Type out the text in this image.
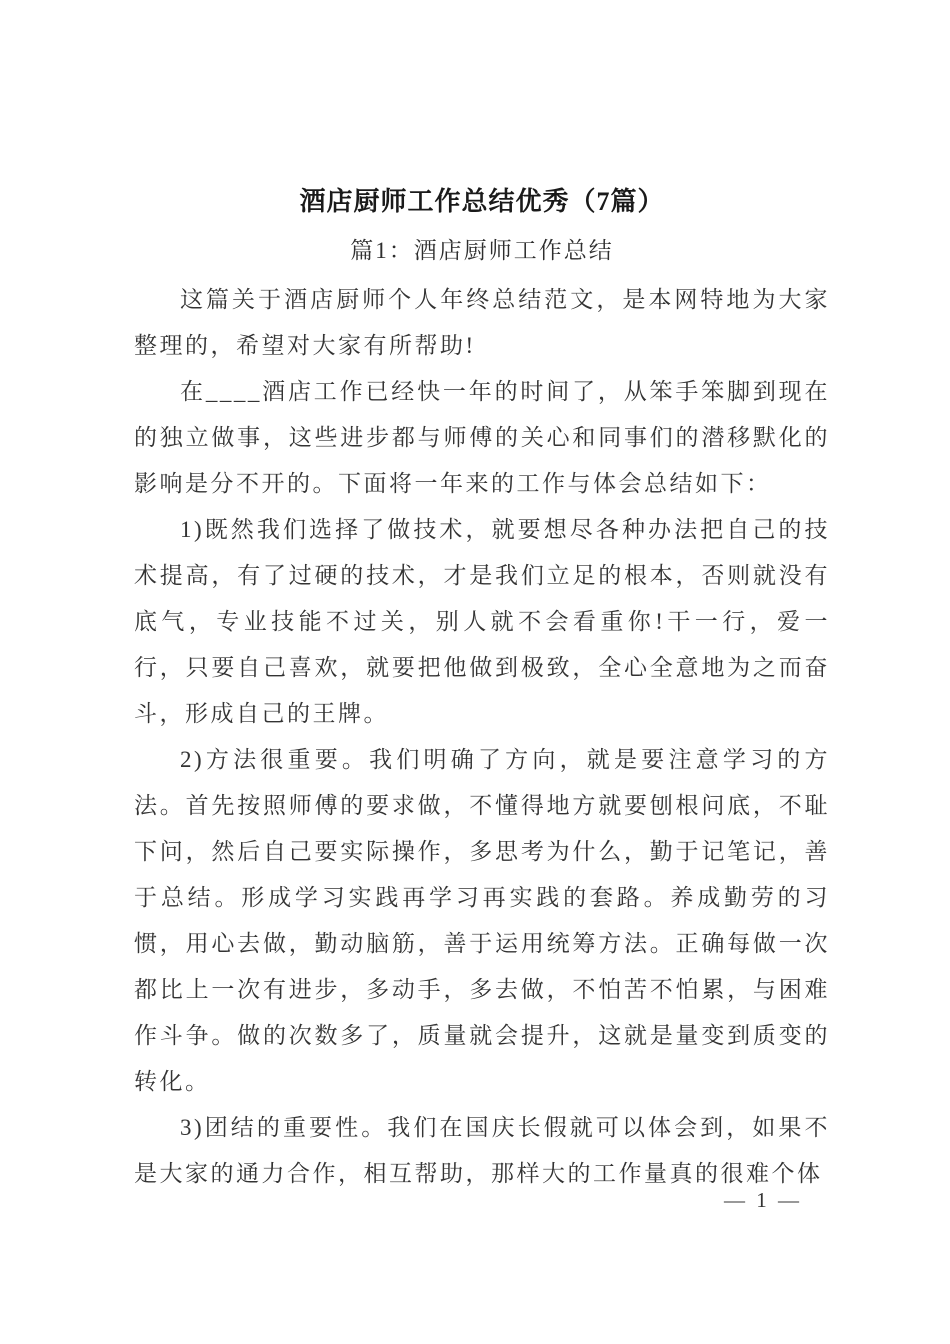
酒店厨师工作总结优秀（7篇）
篇1：酒店厨师工作总结

这篇关于酒店厨师个人年终总结范文，是本网特地为大家整理的，希望对大家有所帮助!

在____酒店工作已经快一年的时间了，从笨手笨脚到现在的独立做事，这些进步都与师傅的关心和同事们的潜移默化的影响是分不开的。下面将一年来的工作与体会总结如下：

1)既然我们选择了做技术，就要想尽各种办法把自己的技术提高，有了过硬的技术，才是我们立足的根本，否则就没有底气，专业技能不过关，别人就不会看重你!干一行，爱一行，只要自己喜欢，就要把他做到极致，全心全意地为之而奋斗，形成自己的王牌。

2)方法很重要。我们明确了方向，就是要注意学习的方法。首先按照师傅的要求做，不懂得地方就要刨根问底，不耻下问，然后自己要实际操作，多思考为什么，勤于记笔记，善于总结。形成学习实践再学习再实践的套路。养成勤劳的习惯，用心去做，勤动脑筋，善于运用统筹方法。正确每做一次都比上一次有进步，多动手，多去做，不怕苦不怕累，与困难作斗争。做的次数多了，质量就会提升，这就是量变到质变的转化。

3)团结的重要性。我们在国庆长假就可以体会到，如果不是大家的通力合作，相互帮助，那样大的工作量真的很难个体

— 1 —
